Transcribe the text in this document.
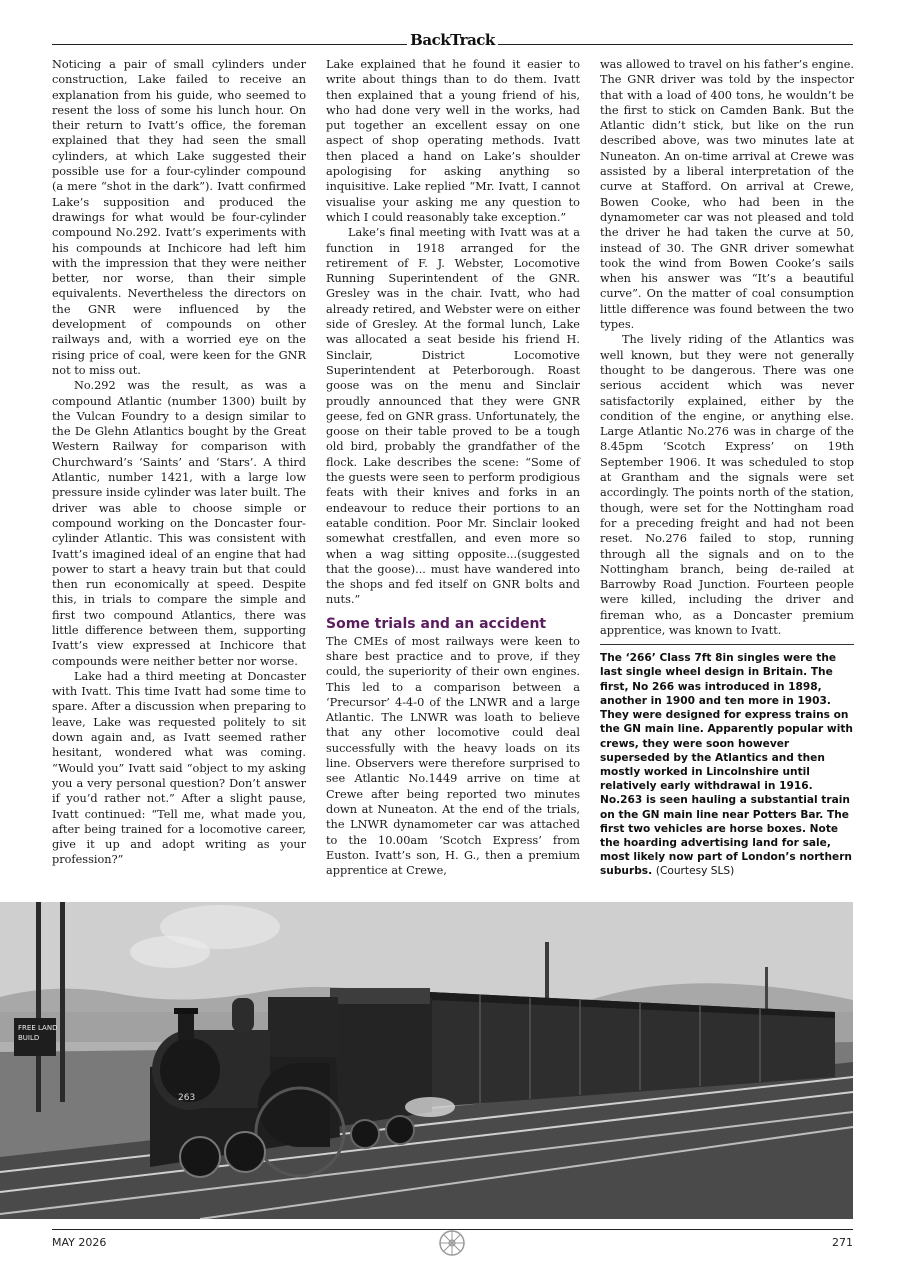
BackTrack

Noticing a pair of small cylinders under construction, Lake failed to receive an explanation from his guide, who seemed to resent the loss of some his lunch hour. On their return to Ivatt’s office, the foreman explained that they had seen the small cylinders, at which Lake suggested their possible use for a four-cylinder compound (a mere “shot in the dark”). Ivatt confirmed Lake’s supposition and produced the drawings for what would be four-cylinder compound No.292. Ivatt’s experiments with his compounds at Inchicore had left him with the impression that they were neither better, nor worse, than their simple equivalents. Nevertheless the directors on the GNR were influenced by the development of compounds on other railways and, with a worried eye on the rising price of coal, were keen for the GNR not to miss out.

No.292 was the result, as was a compound Atlantic (number 1300) built by the Vulcan Foundry to a design similar to the De Glehn Atlantics bought by the Great Western Railway for comparison with Churchward’s ‘Saints’ and ‘Stars’. A third Atlantic, number 1421, with a large low pressure inside cylinder was later built. The driver was able to choose simple or compound working on the Doncaster four-cylinder Atlantic. This was consistent with Ivatt’s imagined ideal of an engine that had power to start a heavy train but that could then run economically at speed. Despite this, in trials to compare the simple and first two compound Atlantics, there was little difference between them, supporting Ivatt’s view expressed at Inchicore that compounds were neither better nor worse.

Lake had a third meeting at Doncaster with Ivatt. This time Ivatt had some time to spare. After a discussion when preparing to leave, Lake was requested politely to sit down again and, as Ivatt seemed rather hesitant, wondered what was coming. “Would you” Ivatt said “object to my asking you a very personal question? Don’t answer if you’d rather not.” After a slight pause, Ivatt continued: “Tell me, what made you, after being trained for a locomotive career, give it up and adopt writing as your profession?”

Lake explained that he found it easier to write about things than to do them. Ivatt then explained that a young friend of his, who had done very well in the works, had put together an excellent essay on one aspect of shop operating methods. Ivatt then placed a hand on Lake’s shoulder apologising for asking anything so inquisitive. Lake replied “Mr. Ivatt, I cannot visualise your asking me any question to which I could reasonably take exception.”

Lake’s final meeting with Ivatt was at a function in 1918 arranged for the retirement of F. J. Webster, Locomotive Running Superintendent of the GNR. Gresley was in the chair. Ivatt, who had already retired, and Webster were on either side of Gresley. At the formal lunch, Lake was allocated a seat beside his friend H. Sinclair, District Locomotive Superintendent at Peterborough. Roast goose was on the menu and Sinclair proudly announced that they were GNR geese, fed on GNR grass. Unfortunately, the goose on their table proved to be a tough old bird, probably the grandfather of the flock. Lake describes the scene: “Some of the guests were seen to perform prodigious feats with their knives and forks in an endeavour to reduce their portions to an eatable condition. Poor Mr. Sinclair looked somewhat crestfallen, and even more so when a wag sitting opposite...(suggested that the goose)... must have wandered into the shops and fed itself on GNR bolts and nuts.”

Some trials and an accident

The CMEs of most railways were keen to share best practice and to prove, if they could, the superiority of their own engines. This led to a comparison between a ‘Precursor’ 4-4-0 of the LNWR and a large Atlantic. The LNWR was loath to believe that any other locomotive could deal successfully with the heavy loads on its line. Observers were therefore surprised to see Atlantic No.1449 arrive on time at Crewe after being reported two minutes down at Nuneaton. At the end of the trials, the LNWR dynamometer car was attached to the 10.00am ‘Scotch Express’ from Euston. Ivatt’s son, H. G., then a premium apprentice at Crewe,

was allowed to travel on his father’s engine. The GNR driver was told by the inspector that with a load of 400 tons, he wouldn’t be the first to stick on Camden Bank. But the Atlantic didn’t stick, but like on the run described above, was two minutes late at Nuneaton. An on-time arrival at Crewe was assisted by a liberal interpretation of the curve at Stafford. On arrival at Crewe, Bowen Cooke, who had been in the dynamometer car was not pleased and told the driver he had taken the curve at 50, instead of 30. The GNR driver somewhat took the wind from Bowen Cooke’s sails when his answer was “It’s a beautiful curve”. On the matter of coal consumption little difference was found between the two types.

The lively riding of the Atlantics was well known, but they were not generally thought to be dangerous. There was one serious accident which was never satisfactorily explained, either by the condition of the engine, or anything else. Large Atlantic No.276 was in charge of the 8.45pm ‘Scotch Express’ on 19th September 1906. It was scheduled to stop at Grantham and the signals were set accordingly. The points north of the station, though, were set for the Nottingham road for a preceding freight and had not been reset. No.276 failed to stop, running through all the signals and on to the Nottingham branch, being de-railed at Barrowby Road Junction. Fourteen people were killed, including the driver and fireman who, as a Doncaster premium apprentice, was known to Ivatt.

The ‘266’ Class 7ft 8in singles were the last single wheel design in Britain. The first, No 266 was introduced in 1898, another in 1900 and ten more in 1903. They were designed for express trains on the GN main line. Apparently popular with crews, they were soon however superseded by the Atlantics and then mostly worked in Lincolnshire until relatively early withdrawal in 1916. No.263 is seen hauling a substantial train on the GN main line near Potters Bar. The first two vehicles are horse boxes. Note the hoarding advertising land for sale, most likely now part of London’s northern suburbs. (Courtesy SLS)
FREE
BUILD
LAND
263
MAY 2026	271
